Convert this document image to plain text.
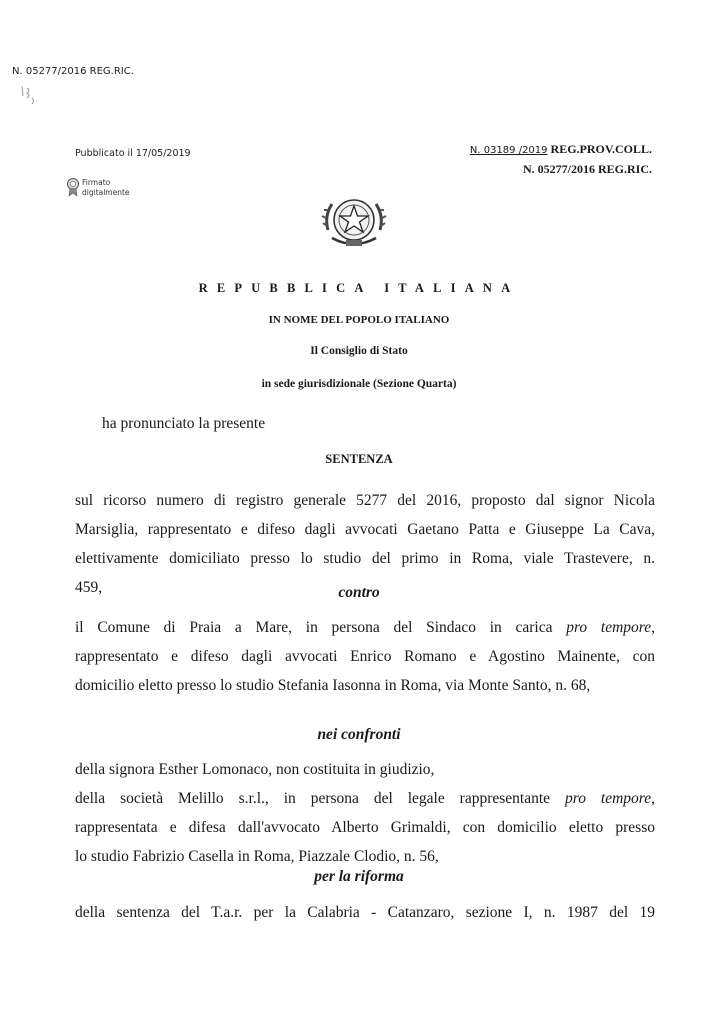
N. 05277/2016 REG.RIC.
Pubblicato il 17/05/2019
Firmato
digitalmente
N. 03189 /2019 REG.PROV.COLL.
N. 05277/2016 REG.RIC.
REPUBBLICA ITALIANA
IN NOME DEL POPOLO ITALIANO
Il Consiglio di Stato
in sede giurisdizionale (Sezione Quarta)
ha pronunciato la presente
SENTENZA
sul ricorso numero di registro generale 5277 del 2016, proposto dal signor Nicola
Marsiglia, rappresentato e difeso dagli avvocati Gaetano Patta e Giuseppe La Cava,
elettivamente domiciliato presso lo studio del primo in Roma, viale Trastevere, n.
459,	contro
il Comune di Praia a Mare, in persona del Sindaco in carica pro tempore,
rappresentato e difeso dagli avvocati Enrico Romano e Agostino Mainente, con
domicilio eletto presso lo studio Stefania Iasonna in Roma, via Monte Santo, n. 68,
nei confronti
della signora Esther Lomonaco, non costituita in giudizio,
della società Melillo s.r.l., in persona del legale rappresentante pro tempore,
rappresentata e difesa dall'avvocato Alberto Grimaldi, con domicilio eletto presso
lo studio Fabrizio Casella in Roma, Piazzale Clodio, n. 56,
per la riforma
della sentenza del T.a.r. per la Calabria - Catanzaro, sezione I, n. 1987 del 19
